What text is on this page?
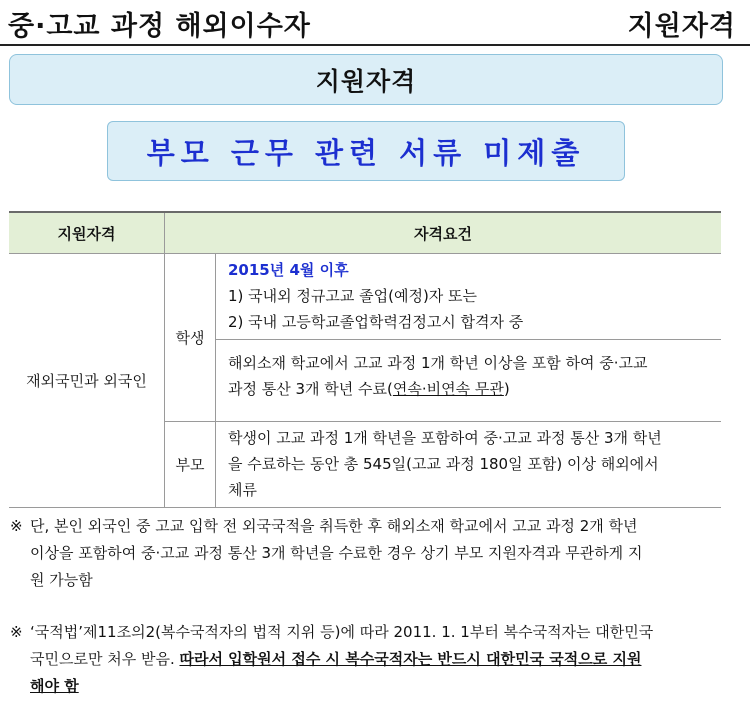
중·고교 과정 해외이수자	지원자격
지원자격
부모 근무 관련 서류 미제출
지원자격	자격요건	
재외국민과 외국인	학생	2015년 4월 이후
1) 국내외 정규고교 졸업(예정)자 또는
2) 국내 고등학교졸업학력검정고시 합격자 중

		해외소재 학교에서 고교 과정 1개 학년 이상을 포함 하여 중·고교
과정 통산 3개 학년 수료(연속·비연속 무관)

	부모	학생이 고교 과정 1개 학년을 포함하여 중·고교 과정 통산 3개 학년
을 수료하는 동안 총 545일(고교 과정 180일 포함) 이상 해외에서
체류
※ 단, 본인 외국인 중 고교 입학 전 외국국적을 취득한 후 해외소재 학교에서 고교 과정 2개 학년
이상을 포함하여 중·고교 과정 통산 3개 학년을 수료한 경우 상기 부모 지원자격과 무관하게 지
원 가능함
※ ‘국적법’제11조의2(복수국적자의 법적 지위 등)에 따라 2011. 1. 1부터 복수국적자는 대한민국
국민으로만 처우 받음. 따라서 입학원서 접수 시 복수국적자는 반드시 대한민국 국적으로 지원
해야 함
